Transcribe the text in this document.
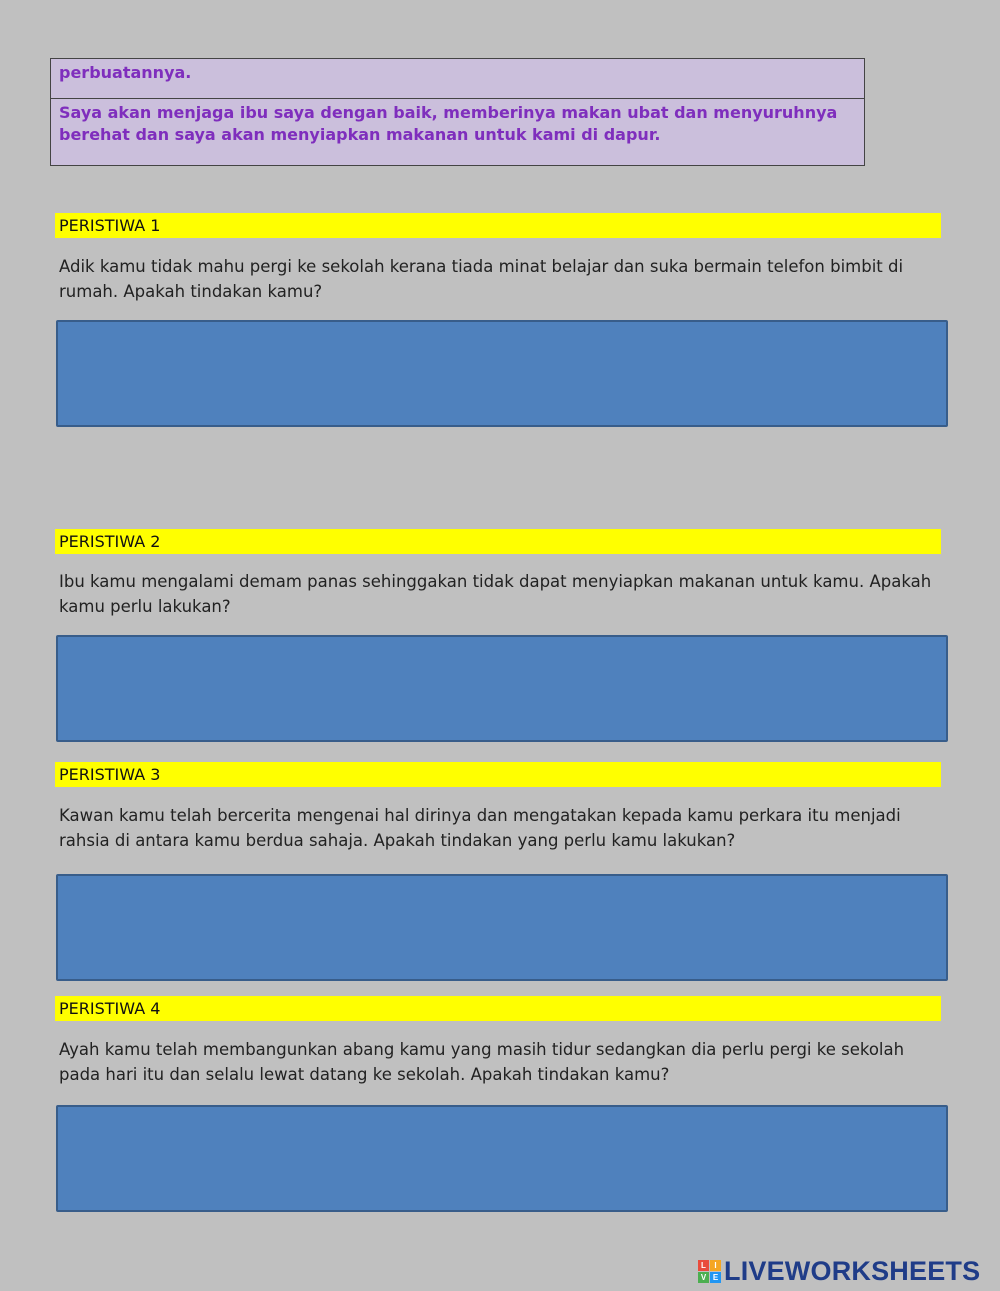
perbuatannya.
Saya akan menjaga ibu saya dengan baik, memberinya makan ubat dan menyuruhnya berehat dan saya akan menyiapkan makanan untuk kami di dapur.
PERISTIWA 1
Adik kamu tidak mahu pergi ke sekolah kerana tiada minat belajar dan suka bermain telefon bimbit di rumah. Apakah tindakan kamu?
PERISTIWA 2
Ibu kamu mengalami demam panas sehinggakan tidak dapat menyiapkan makanan untuk kamu. Apakah kamu perlu lakukan?
PERISTIWA 3
Kawan kamu telah bercerita mengenai hal dirinya dan mengatakan kepada kamu perkara itu menjadi rahsia di antara kamu berdua sahaja. Apakah tindakan yang perlu kamu lakukan?
PERISTIWA 4
Ayah kamu telah membangunkan abang kamu yang masih tidur sedangkan dia perlu pergi ke sekolah pada hari itu dan selalu lewat datang ke sekolah. Apakah tindakan kamu?
L	I
V E LIVEWORKSHEETS
